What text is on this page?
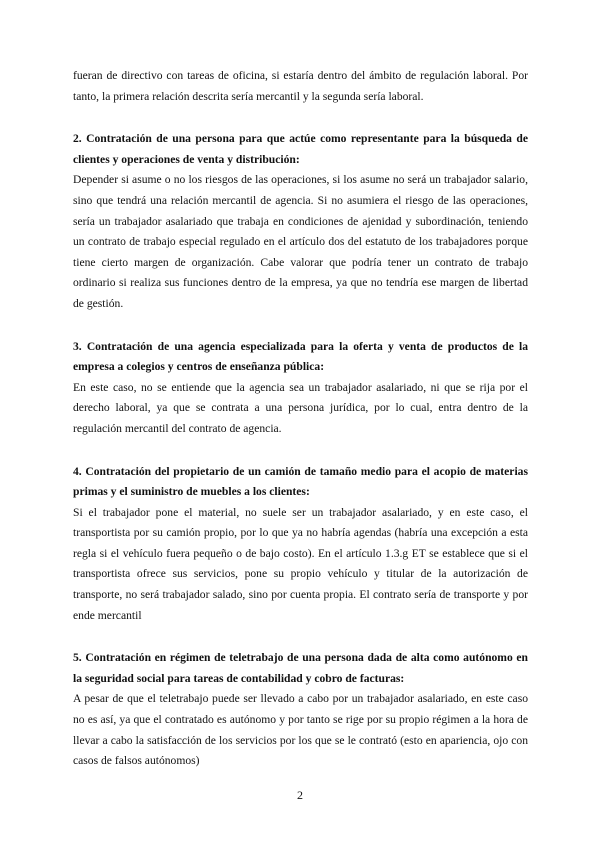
fueran de directivo con tareas de oficina, si estaría dentro del ámbito de regulación laboral. Por tanto, la primera relación descrita sería mercantil y la segunda sería laboral.

2. Contratación de una persona para que actúe como representante para la búsqueda de clientes y operaciones de venta y distribución:

Depender si asume o no los riesgos de las operaciones, si los asume no será un trabajador salario, sino que tendrá una relación mercantil de agencia. Si no asumiera el riesgo de las operaciones, sería un trabajador asalariado que trabaja en condiciones de ajenidad y subordinación, teniendo un contrato de trabajo especial regulado en el artículo dos del estatuto de los trabajadores porque tiene cierto margen de organización. Cabe valorar que podría tener un contrato de trabajo ordinario si realiza sus funciones dentro de la empresa, ya que no tendría ese margen de libertad de gestión.

3. Contratación de una agencia especializada para la oferta y venta de productos de la empresa a colegios y centros de enseñanza pública:

En este caso, no se entiende que la agencia sea un trabajador asalariado, ni que se rija por el derecho laboral, ya que se contrata a una persona jurídica, por lo cual, entra dentro de la regulación mercantil del contrato de agencia.

4. Contratación del propietario de un camión de tamaño medio para el acopio de materias primas y el suministro de muebles a los clientes:

Si el trabajador pone el material, no suele ser un trabajador asalariado, y en este caso, el transportista por su camión propio, por lo que ya no habría agendas (habría una excepción a esta regla si el vehículo fuera pequeño o de bajo costo). En el artículo 1.3.g ET se establece que si el transportista ofrece sus servicios, pone su propio vehículo y titular de la autorización de transporte, no será trabajador salado, sino por cuenta propia. El contrato sería de transporte y por ende mercantil

5. Contratación en régimen de teletrabajo de una persona dada de alta como autónomo en la seguridad social para tareas de contabilidad y cobro de facturas:

A pesar de que el teletrabajo puede ser llevado a cabo por un trabajador asalariado, en este caso no es así, ya que el contratado es autónomo y por tanto se rige por su propio régimen a la hora de llevar a cabo la satisfacción de los servicios por los que se le contrató (esto en apariencia, ojo con casos de falsos autónomos)

2
